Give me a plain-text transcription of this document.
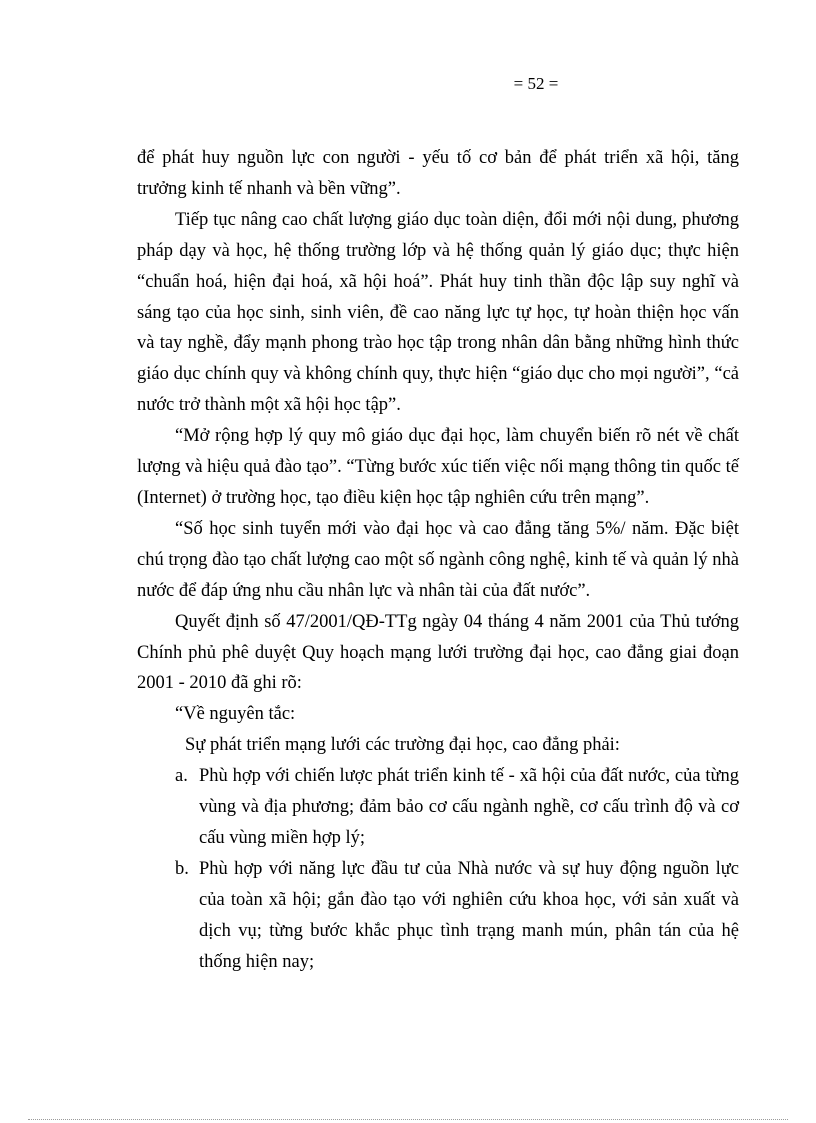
= 52 =

để phát huy nguồn lực con người - yếu tố cơ bản để phát triển xã hội, tăng trưởng kinh tế nhanh và bền vững”.

Tiếp tục nâng cao chất lượng giáo dục toàn diện, đổi mới nội dung, phương pháp dạy và học, hệ thống trường lớp và hệ thống quản lý giáo dục; thực hiện “chuẩn hoá, hiện đại hoá, xã hội hoá”. Phát huy tinh thần độc lập suy nghĩ và sáng tạo của học sinh, sinh viên, đề cao năng lực tự học, tự hoàn thiện học vấn và tay nghề, đẩy mạnh phong trào học tập trong nhân dân bằng những hình thức giáo dục chính quy và không chính quy, thực hiện “giáo dục cho mọi người”, “cả nước trở thành một xã hội học tập”.

“Mở rộng hợp lý quy mô giáo dục đại học, làm chuyển biến rõ nét về chất lượng và hiệu quả đào tạo”. “Từng bước xúc tiến việc nối mạng thông tin quốc tế (Internet) ở trường học, tạo điều kiện học tập nghiên cứu trên mạng”.

“Số học sinh tuyển mới vào đại học và cao đẳng tăng 5%/ năm. Đặc biệt chú trọng đào tạo chất lượng cao một số ngành công nghệ, kinh tế và quản lý nhà nước để đáp ứng nhu cầu nhân lực và nhân tài của đất nước”.

Quyết định số 47/2001/QĐ-TTg ngày 04 tháng 4 năm 2001 của Thủ tướng Chính phủ phê duyệt Quy hoạch mạng lưới trường đại học, cao đẳng giai đoạn 2001 - 2010 đã ghi rõ:

“Về nguyên tắc:

Sự phát triển mạng lưới các trường đại học, cao đẳng phải:

a. Phù hợp với chiến lược phát triển kinh tế - xã hội của đất nước, của từng vùng và địa phương; đảm bảo cơ cấu ngành nghề, cơ cấu trình độ và cơ cấu vùng miền hợp lý;
b. Phù hợp với năng lực đầu tư của Nhà nước và sự huy động nguồn lực của toàn xã hội; gắn đào tạo với nghiên cứu khoa học, với sản xuất và dịch vụ; từng bước khắc phục tình trạng manh mún, phân tán của hệ thống hiện nay;
